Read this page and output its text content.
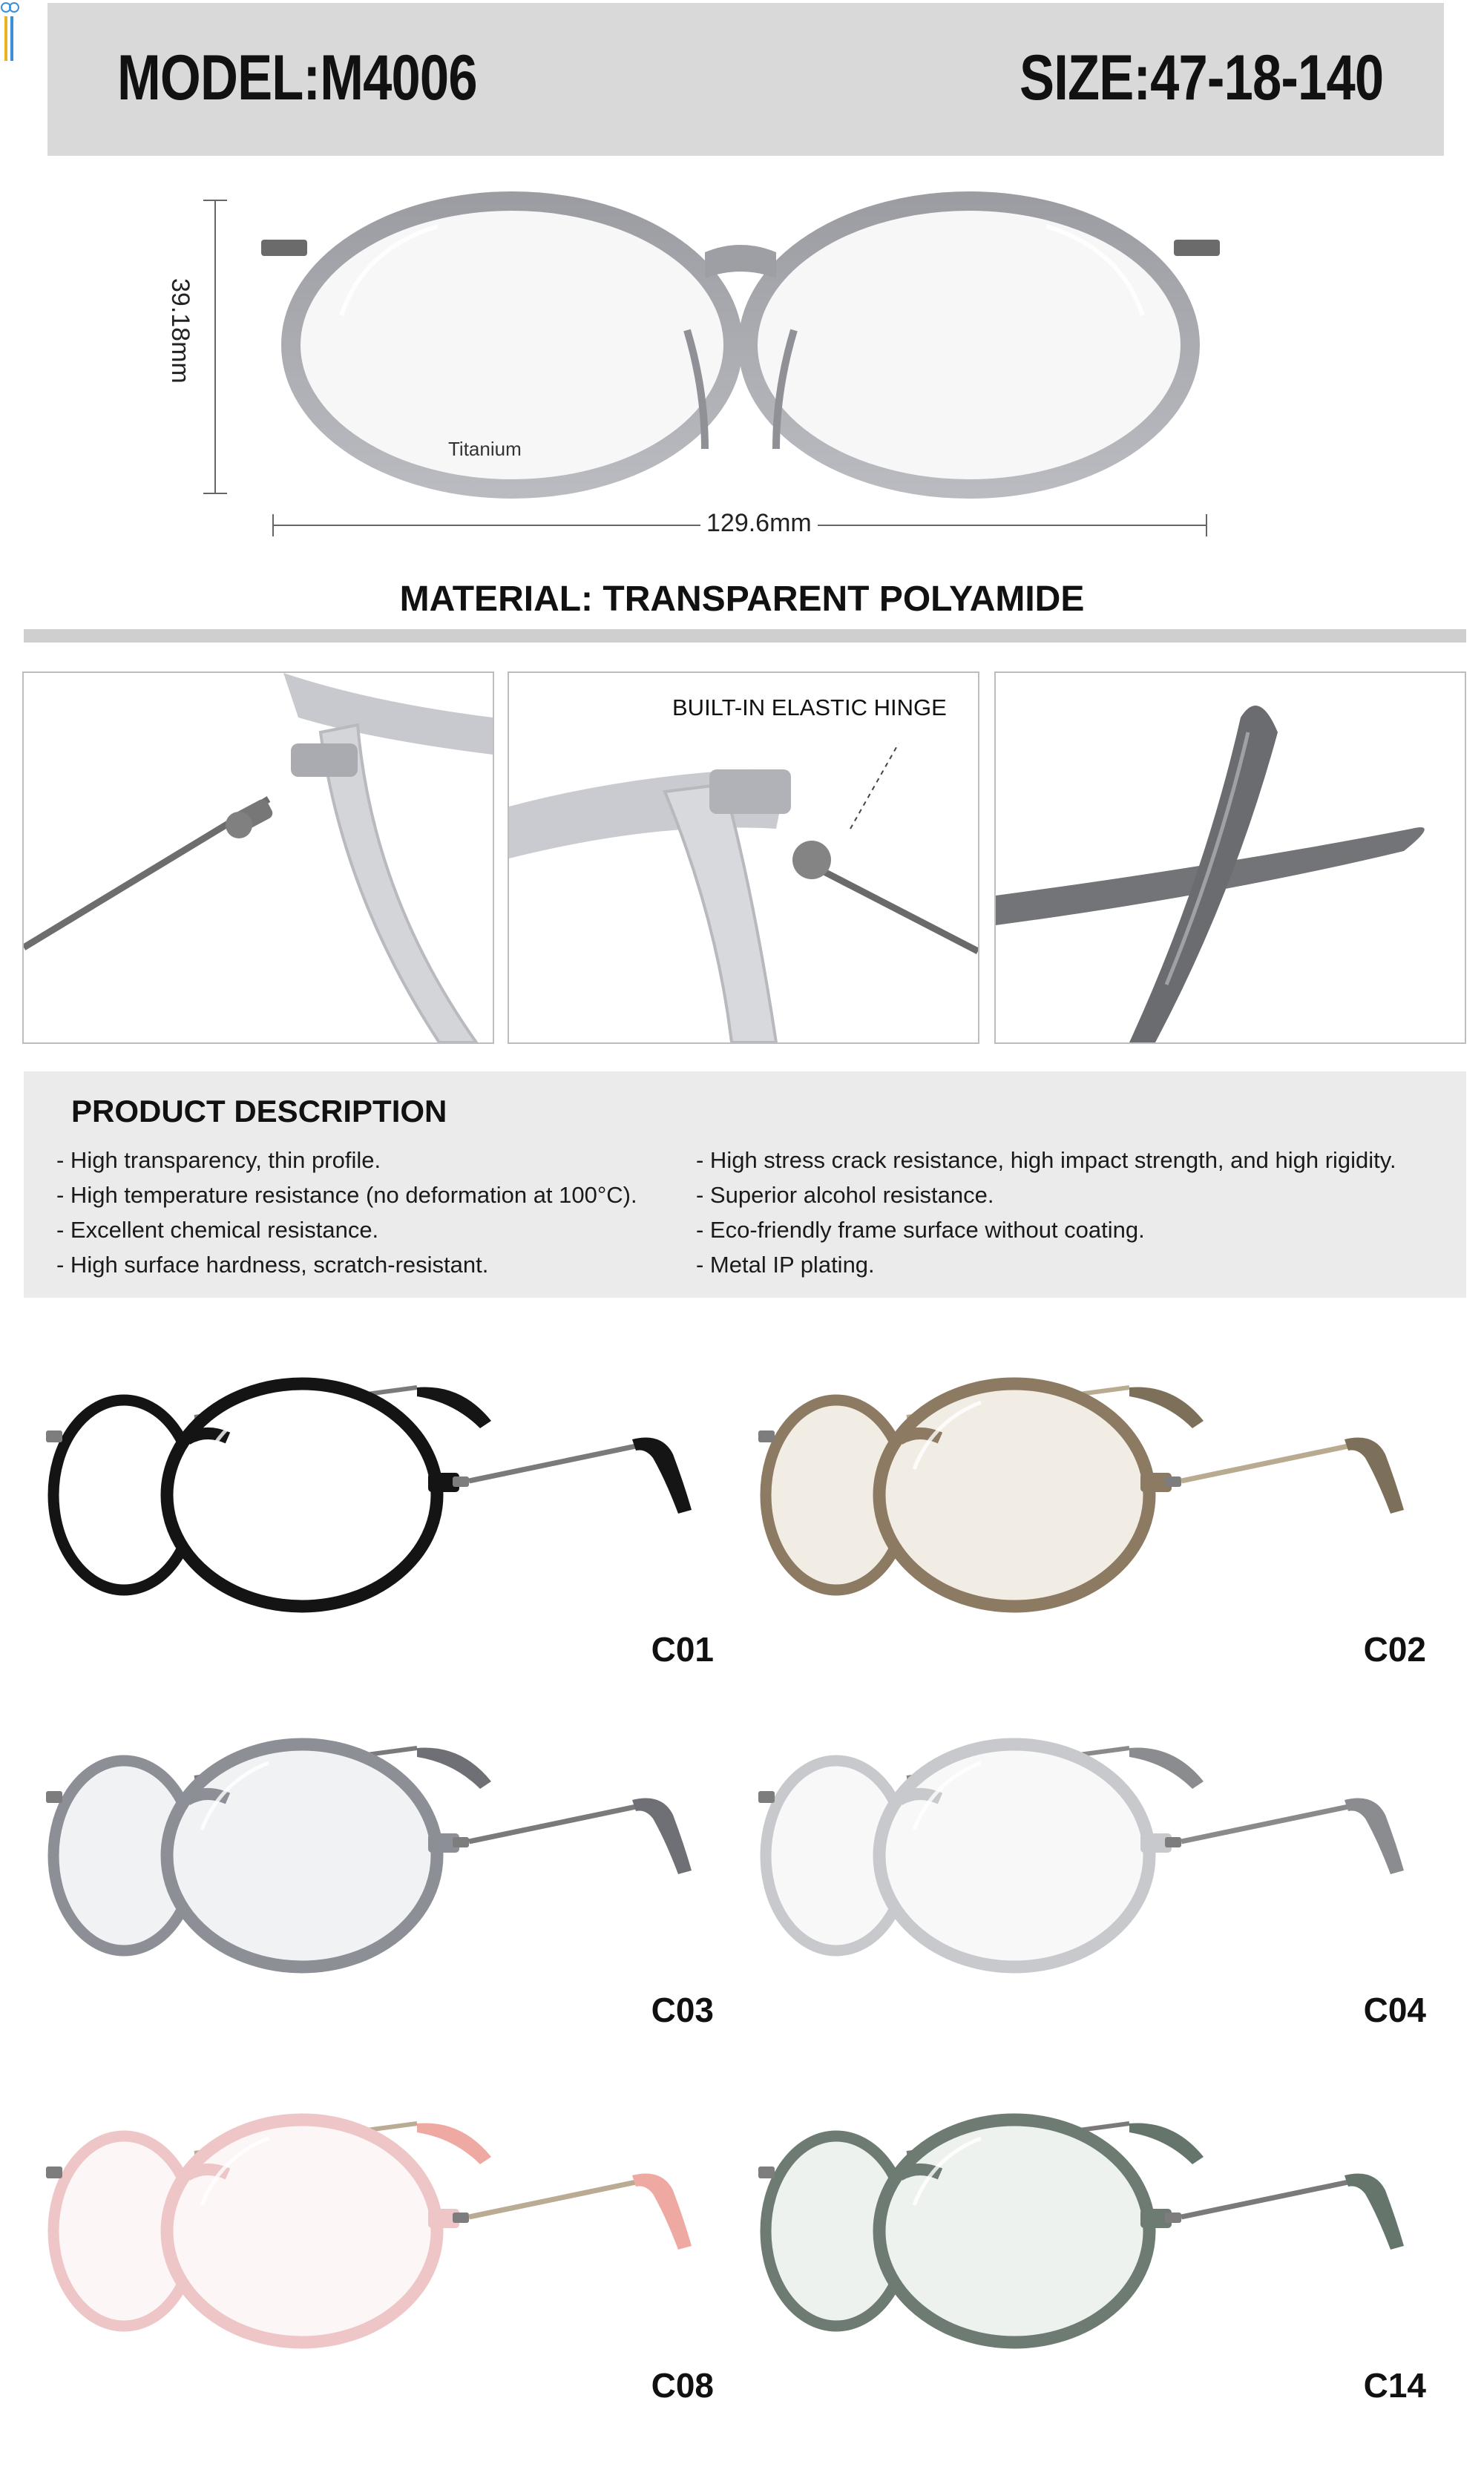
MODEL:M4006	SIZE:47-18-140
129.6mm
39.18mm
Titanium
MATERIAL: TRANSPARENT POLYAMIDE
BUILT-IN ELASTIC HINGE
PRODUCT DESCRIPTION
- High transparency, thin profile.
- High temperature resistance (no deformation at 100°C).
- Excellent chemical resistance.
- High surface hardness, scratch-resistant.
- High stress crack resistance, high impact strength, and high rigidity.
- Superior alcohol resistance.
- Eco-friendly frame surface without coating.
- Metal IP plating.
C01	C02
C03	C04
C08	C14
